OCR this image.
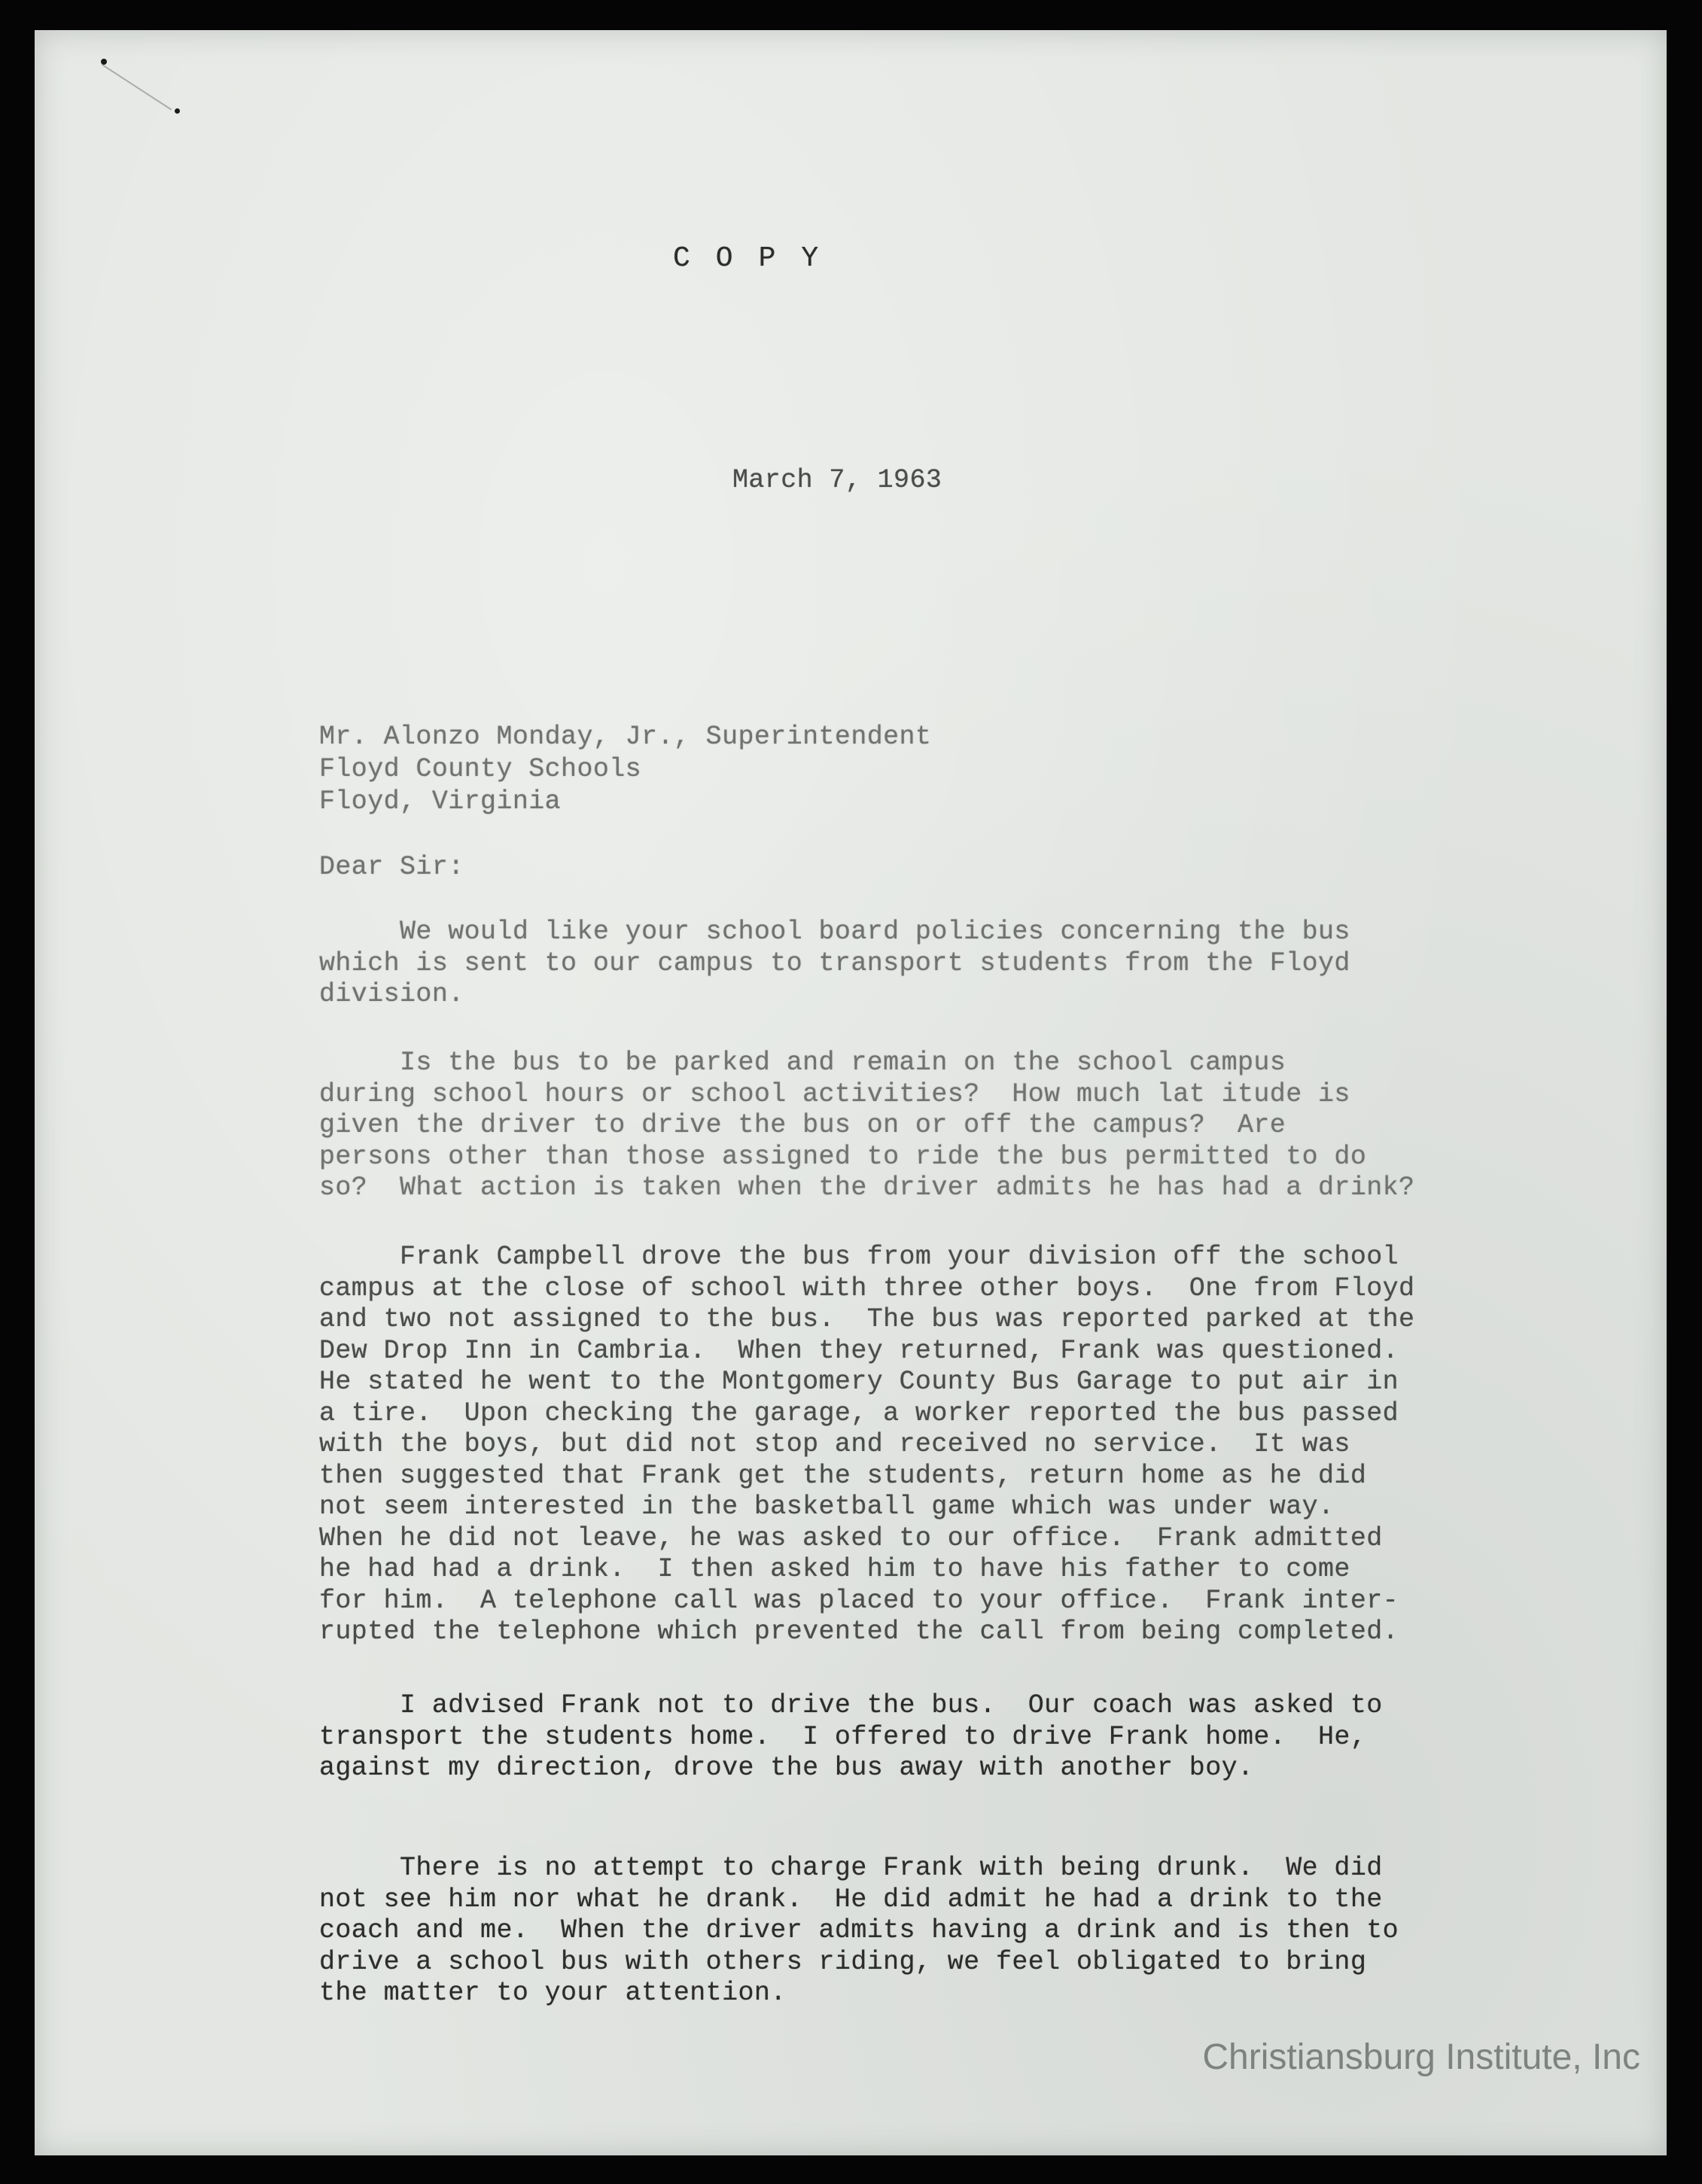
COPY

March 7, 1963

Mr. Alonzo Monday, Jr., Superintendent

Floyd County Schools

Floyd, Virginia

Dear Sir:

We would like your school board policies concerning the bus
which is sent to our campus to transport students from the Floyd
division.

Is the bus to be parked and remain on the school campus
during school hours or school activities?  How much lat itude is
given the driver to drive the bus on or off the campus?  Are
persons other than those assigned to ride the bus permitted to do
so?  What action is taken when the driver admits he has had a drink?

Frank Campbell drove the bus from your division off the school
campus at the close of school with three other boys.  One from Floyd
and two not assigned to the bus.  The bus was reported parked at the
Dew Drop Inn in Cambria.  When they returned, Frank was questioned.
He stated he went to the Montgomery County Bus Garage to put air in
a tire.  Upon checking the garage, a worker reported the bus passed
with the boys, but did not stop and received no service.  It was
then suggested that Frank get the students, return home as he did
not seem interested in the basketball game which was under way.
When he did not leave, he was asked to our office.  Frank admitted
he had had a drink.  I then asked him to have his father to come
for him.  A telephone call was placed to your office.  Frank inter-
rupted the telephone which prevented the call from being completed.

I advised Frank not to drive the bus.  Our coach was asked to
transport the students home.  I offered to drive Frank home.  He,
against my direction, drove the bus away with another boy.

There is no attempt to charge Frank with being drunk.  We did
not see him nor what he drank.  He did admit he had a drink to the
coach and me.  When the driver admits having a drink and is then to
drive a school bus with others riding, we feel obligated to bring
the matter to your attention.

Christiansburg Institute, Inc
